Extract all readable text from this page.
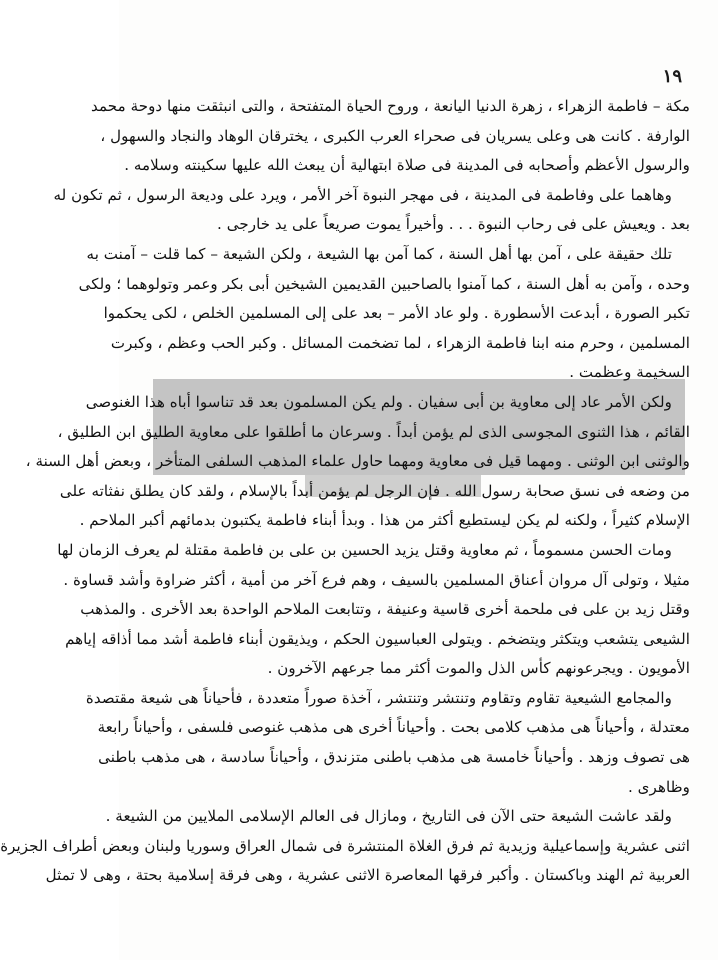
١٩
مكة – فاطمة الزهراء ، زهرة الدنيا اليانعة ، وروح الحياة المتفتحة ، والتى انبثقت منها دوحة محمد
الوارفة . كانت هى وعلى يسريان فى صحراء العرب الكبرى ، يخترقان الوهاد والنجاد والسهول ،
والرسول الأعظم وأصحابه فى المدينة فى صلاة ابتهالية أن يبعث الله عليها سكينته وسلامه .
وهاهما على وفاطمة فى المدينة ، فى مهجر النبوة آخر الأمر ، ويرد على وديعة الرسول ، ثم تكون له
بعد . ويعيش على فى رحاب النبوة . . . وأخيراً يموت صريعاً على يد خارجى .
تلك حقيقة على ، آمن بها أهل السنة ، كما آمن بها الشيعة ، ولكن الشيعة – كما قلت – آمنت به
وحده ، وآمن به أهل السنة ، كما آمنوا بالصاحبين القديمين الشيخين أبى بكر وعمر وتولوهما ؛ ولكى
تكبر الصورة ، أبدعت الأسطورة . ولو عاد الأمر – بعد على إلى المسلمين الخلص ، لكى يحكموا
المسلمين ، وحرم منه ابنا فاطمة الزهراء ، لما تضخمت المسائل . وكبر الحب وعظم ، وكبرت
السخيمة وعظمت .
ولكن الأمر عاد إلى معاوية بن أبى سفيان . ولم يكن المسلمون بعد قد تناسوا أباه هذا الغنوصى
القائم ، هذا الثنوى المجوسى الذى لم يؤمن أبداً . وسرعان ما أطلقوا على معاوية الطليق ابن الطليق ،
والوثنى ابن الوثنى . ومهما قيل فى معاوية ومهما حاول علماء المذهب السلفى المتأخر ، وبعض أهل السنة ،
من وضعه فى نسق صحابة رسول الله . فإن الرجل لم يؤمن أبداً بالإسلام ، ولقد كان يطلق نفثاته على
الإسلام كثيراً ، ولكنه لم يكن ليستطيع أكثر من هذا . وبدأ أبناء فاطمة يكتبون بدمائهم أكبر الملاحم .
ومات الحسن مسموماً ، ثم معاوية وقتل يزيد الحسين بن على بن فاطمة مقتلة لم يعرف الزمان لها
مثيلا ، وتولى آل مروان أعناق المسلمين بالسيف ، وهم فرع آخر من أمية ، أكثر ضراوة وأشد قساوة .
وقتل زيد بن على فى ملحمة أخرى قاسية وعنيفة ، وتتابعت الملاحم الواحدة بعد الأخرى . والمذهب
الشيعى يتشعب ويتكثر ويتضخم . ويتولى العباسيون الحكم ، ويذيقون أبناء فاطمة أشد مما أذاقه إياهم
الأمويون . ويجرعونهم كأس الذل والموت أكثر مما جرعهم الآخرون .
والمجامع الشيعية تقاوم وتقاوم وتنتشر وتنتشر ، آخذة صوراً متعددة ، فأحياناً هى شيعة مقتصدة
معتدلة ، وأحياناً هى مذهب كلامى بحت . وأحياناً أخرى هى مذهب غنوصى فلسفى ، وأحياناً رابعة
هى تصوف وزهد . وأحياناً خامسة هى مذهب باطنى متزندق ، وأحياناً سادسة ، هى مذهب باطنى
وظاهرى .
ولقد عاشت الشيعة حتى الآن فى التاريخ ، ومازال فى العالم الإسلامى الملايين من الشيعة .
اثنى عشرية وإسماعيلية وزيدية ثم فرق الغلاة المنتشرة فى شمال العراق وسوريا ولبنان وبعض أطراف الجزيرة
العربية ثم الهند وباكستان . وأكبر فرقها المعاصرة الاثنى عشرية ، وهى فرقة إسلامية بحتة ، وهى لا تمثل
